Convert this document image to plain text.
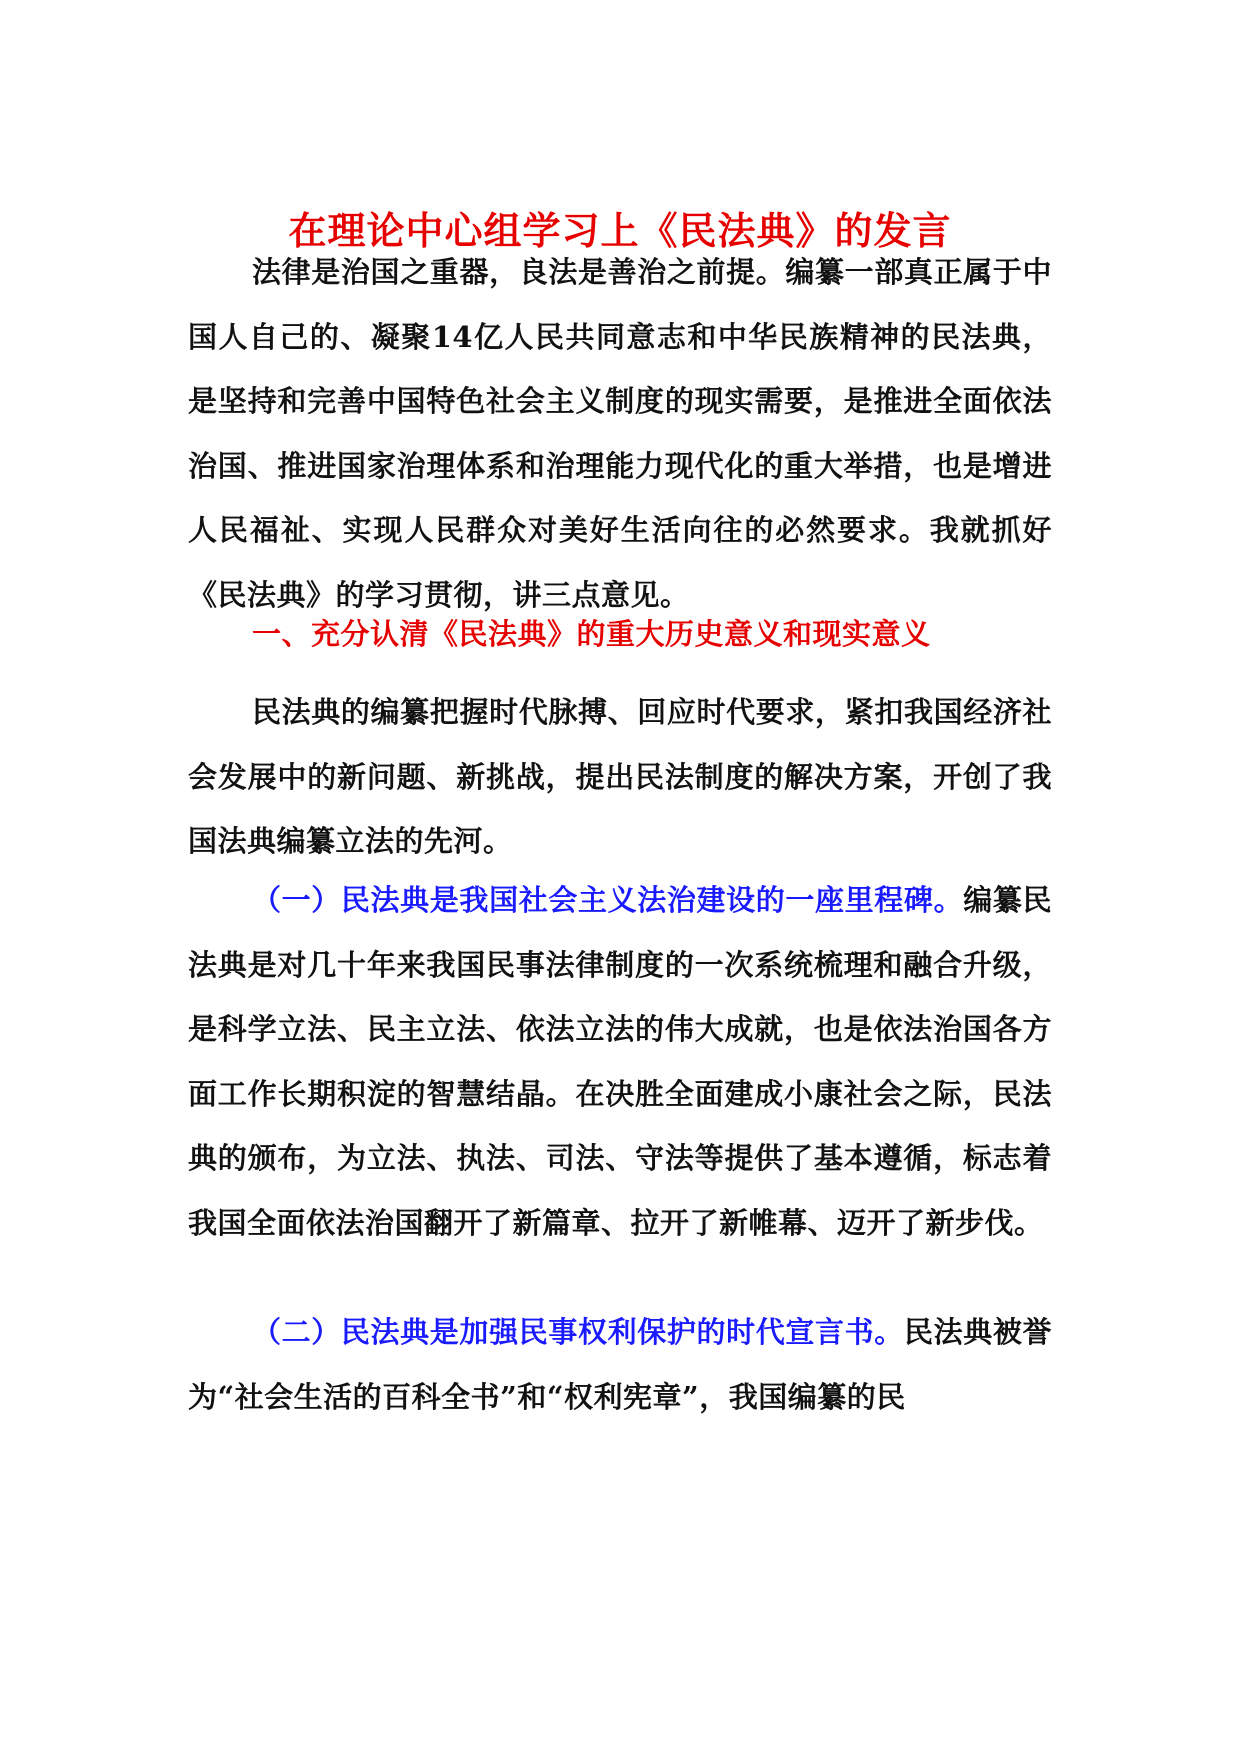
在理论中心组学习上《民法典》的发言

法律是治国之重器，良法是善治之前提。编纂一部真正属于中国人自己的、凝聚14亿人民共同意志和中华民族精神的民法典，是坚持和完善中国特色社会主义制度的现实需要，是推进全面依法治国、推进国家治理体系和治理能力现代化的重大举措，也是增进人民福祉、实现人民群众对美好生活向往的必然要求。我就抓好《民法典》的学习贯彻，讲三点意见。

一、充分认清《民法典》的重大历史意义和现实意义

民法典的编纂把握时代脉搏、回应时代要求，紧扣我国经济社会发展中的新问题、新挑战，提出民法制度的解决方案，开创了我国法典编纂立法的先河。

（一）民法典是我国社会主义法治建设的一座里程碑。编纂民法典是对几十年来我国民事法律制度的一次系统梳理和融合升级，是科学立法、民主立法、依法立法的伟大成就，也是依法治国各方面工作长期积淀的智慧结晶。在决胜全面建成小康社会之际，民法典的颁布，为立法、执法、司法、守法等提供了基本遵循，标志着我国全面依法治国翻开了新篇章、拉开了新帷幕、迈开了新步伐。

（二）民法典是加强民事权利保护的时代宣言书。民法典被誉为“社会生活的百科全书”和“权利宪章”，我国编纂的民
